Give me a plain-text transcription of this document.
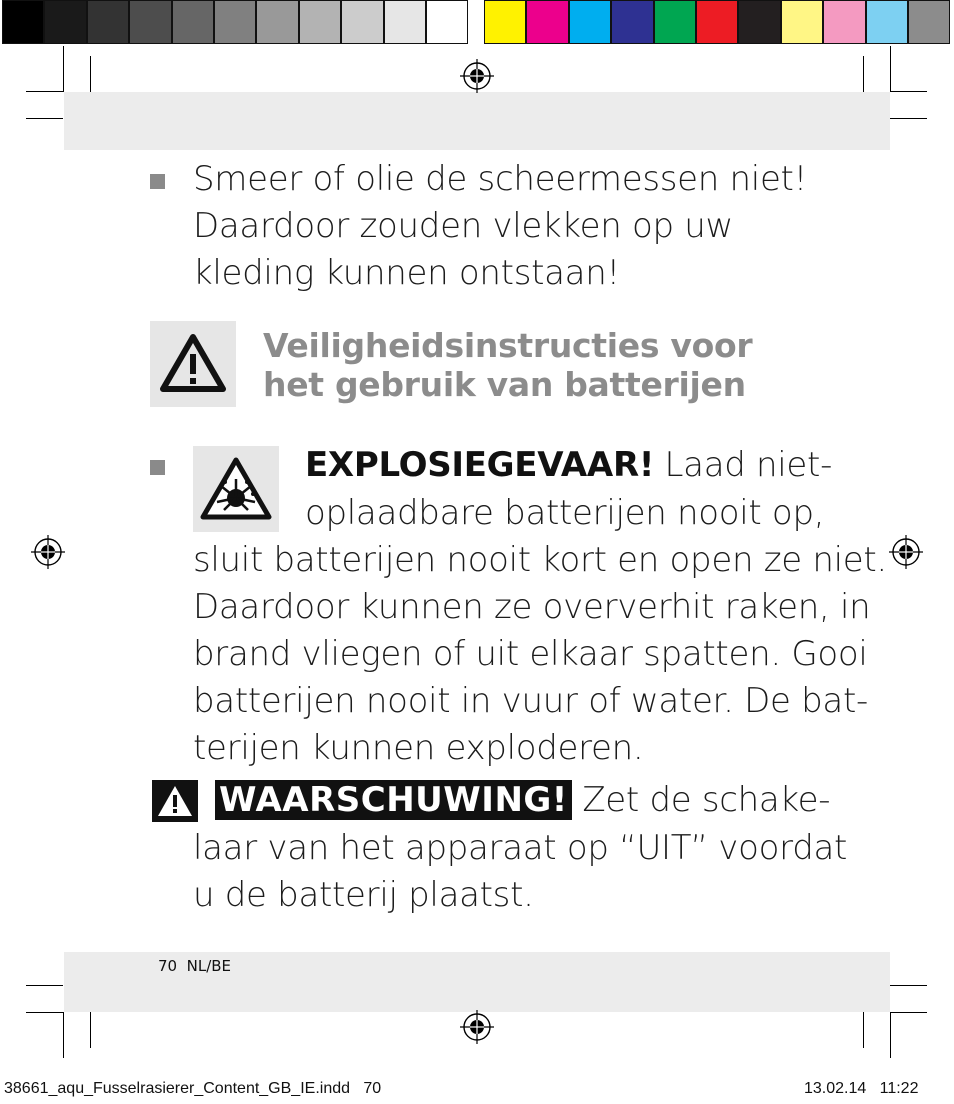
Smeer of olie de scheermessen niet!
Daardoor zouden vlekken op uw
kleding kunnen ontstaan!
Veiligheidsinstructies voor
het gebruik van batterijen
EXPLOSIEGEVAAR! Laad niet-
oplaadbare batterijen nooit op,
sluit batterijen nooit kort en open ze niet.
Daardoor kunnen ze oververhit raken, in
brand vliegen of uit elkaar spatten. Gooi
batterijen nooit in vuur of water. De bat-
terijen kunnen exploderen.
WAARSCHUWING! Zet de schake-
laar van het apparaat op “UIT” voordat
u de batterij plaatst.
70  NL/BE
38661_aqu_Fusselrasierer_Content_GB_IE.indd   70	13.02.14   11:22
